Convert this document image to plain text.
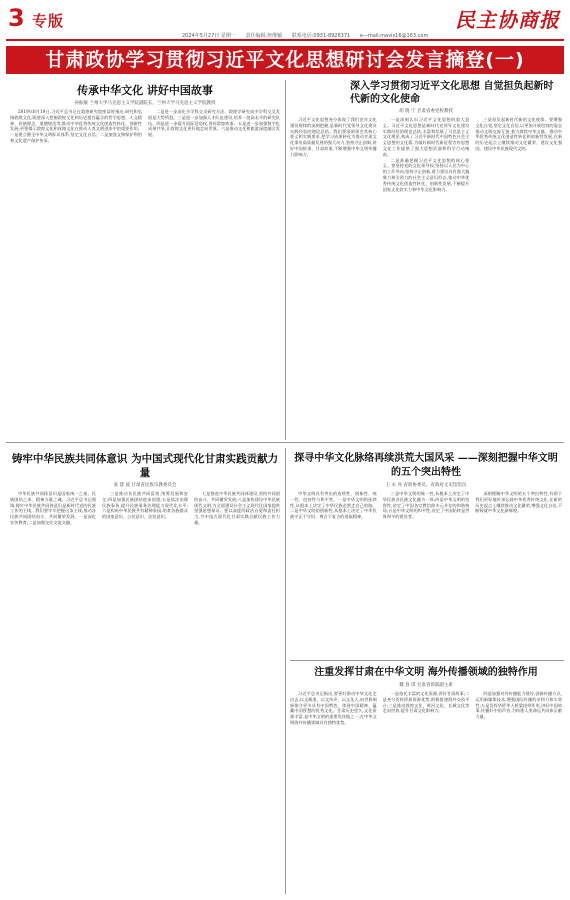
3 专版
2024年5月27日 星期一 责任编辑:詹继颖 联系电话:0931-8926371 e—mail:mavis16@163.com
民主协商报
甘肃政协学习贯彻习近平文化思想研讨会发言摘登(一)
传承中华文化 讲好中国故事
孙振敏 兰州大学马克思主义学院副院长、兰州大学马克思主义学院教授

2019年8月19日,习近平总书记在敦煌研究院座谈时指出,研究和弘扬敦煌文化,既要深入挖掘敦煌文化和历史遗存蕴含的哲学思想、人文精神、价值理念、道德规范等,推动中华优秀传统文化创造性转化、创新性发展;更要揭示敦煌文化和丝路文化在推动人类文明进步中的重要作用。一是建立健全中华文明标识体系,坚定文化自信。二是加强文物保护利用和文化遗产保护传承。

二是进一步深化多学科交叉研究方法。敦煌学研究向多学科交叉发展是大势所趋。三是进一步加强人才队伍建设,培养一批高水平的研究队伍。四是进一步提升国际话语权,讲好敦煌故事。五是进一步加强数字化成果共享,让敦煌文化更好地走向世界。六是推动文化和旅游深度融合发展。

深入学习贯彻习近平文化思想 自觉担负起新时代新的文化使命
胡 晓 宁 甘肃省委党校教授

习近平文化思想充分体现了我们党对文化建设规律的深刻把握,是新时代党领导文化建设实践经验的理论总结。我们要深刻领会其核心要义和实践要求,把学习成果转化为推动甘肃文化事业高质量发展的强大动力,坚持守正创新,讲好中国故事、甘肃故事,不断增强中华文明传播力影响力。

一是深刻认识习近平文化思想的重大意义。习近平文化思想是新时代党领导文化建设实践经验的理论总结,丰富和发展了马克思主义文化理论,构成了习近平新时代中国特色社会主义思想的文化篇,为做好新时代新征程宣传思想文化工作提供了强大思想武器和科学行动指南。

二是准确把握习近平文化思想的核心要义。要坚持党的文化领导权,坚持以人民为中心的工作导向,坚持守正创新,着力建设具有强大凝聚力和引领力的社会主义意识形态,推动中华优秀传统文化创造性转化、创新性发展,不断提升国家文化软实力和中华文化影响力。

三是担负起新时代新的文化使命。要增强文化自觉,坚定文化自信,以更加开放包容的姿态推动文明交流互鉴,着力赓续中华文脉、推动中华优秀传统文化创造性转化和创新性发展,在新的历史起点上继续推动文化繁荣、建设文化强国、建设中华民族现代文明。

铸牢中华民族共同体意识 为中国式现代化甘肃实践贡献力量
张 建 波 甘肃省民族宗教委员会

中华民族共同体意识是国家统一之基、民族团结之本、精神力量之魂。习近平总书记强调,铸牢中华民族共同体意识是新时代党的民族工作的主线。我们要牢牢把握这条主线,推动各民族共同团结奋斗、共同繁荣发展。一是深化宣传教育;二是加强交往交流交融。

三是推动各民族共同富裕,统筹发展和安全;四是加强民族团结进步创建;五是依法治理民族事务,提升民族事务治理能力现代化水平;六是构筑中华民族共有精神家园,培育各族群众的国家意识、公民意识、法治意识。

七是推进中华民族共同体建设,坚持共同团结奋斗、共同繁荣发展;八是加快建设中华民族现代文明,为全面建设社会主义现代化国家提供坚强思想保证。要以高度的政治自觉和责任担当,为中国式现代化甘肃实践贡献民族工作力量。

探寻中华文化脉络再续洪荒大国风采 ——深刻把握中华文明的五个突出特性
王 永 亮 省政协委员、省政府文史馆馆员

中华文明具有突出的连续性、创新性、统一性、包容性与和平性。一是中华文明的连续性,从根本上决定了中华民族必然走自己的路。二是中华文明的创新性,从根本上决定了中华民族守正不守旧、尊古不复古的进取精神。

三是中华文明的统一性,从根本上决定了中华民族各民族文化融为一体;四是中华文明的包容性,决定了中国各宗教信仰多元并存的和谐格局;五是中华文明的和平性,决定了中国始终是世界和平的建设者。

深刻理解中华文明的五个突出特性,有助于我们更好地传承弘扬中华优秀传统文化,在新的历史起点上继续推动文化繁荣,增强文化自信,不断铸就中华文化新辉煌。

注重发挥甘肃在中华文明 海外传播领域的独特作用
魏 春 琪 甘肃省侨联副主席

习近平总书记指出,要更好推动中华文化走出去,以文载道、以文传声、以文化人,向世界阐释推介更多具有中国特色、体现中国精神、蕴藏中国智慧的优秀文化。甘肃历史悠久,文化资源丰富,是中华文明的重要发祥地之一,在中华文明海外传播领域具有独特优势。

一是依托丰富的文化资源,讲好甘肃故事;二是充分发挥侨界资源优势,积极搭建海外交流平台;三是推动敦煌文化、黄河文化、长城文化等走向世界,提升甘肃文化影响力。

四是加强对外传播能力建设,创新传播方式,运用新媒体技术,增强国际传播的亲和力和实效性;五是发挥华侨华人桥梁纽带作用,讲好中国故事,传播好中国声音,为构建人类命运共同体贡献力量。
